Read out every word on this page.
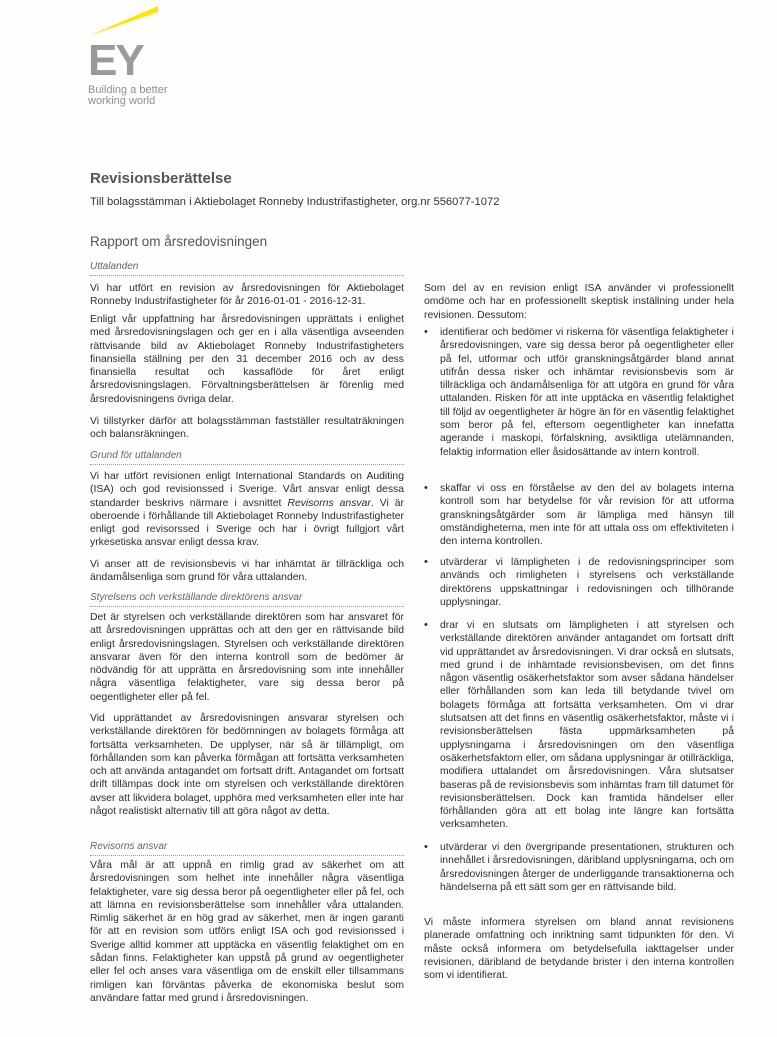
EY
Building a better
working world
Revisionsberättelse
Till bolagsstämman i Aktiebolaget Ronneby Industrifastigheter, org.nr 556077-1072
Rapport om årsredovisningen
Uttalanden

Vi har utfört en revision av årsredovisningen för Aktiebolaget Ronneby Industrifastigheter för år 2016-01-01 - 2016-12-31.

Enligt vår uppfattning har årsredovisningen upprättats i enlighet med årsredovisningslagen och ger en i alla väsentliga avseenden rättvisande bild av Aktiebolaget Ronneby Industrifastigheters finansiella ställning per den 31 december 2016 och av dess finansiella resultat och kassaflöde för året enligt årsredovisningslagen. Förvaltningsberättelsen är förenlig med årsredovisningens övriga delar.

Vi tillstyrker därför att bolagsstämman fastställer resultaträkningen och balansräkningen.

Grund för uttalanden

Vi har utfört revisionen enligt International Standards on Auditing (ISA) och god revisionssed i Sverige. Vårt ansvar enligt dessa standarder beskrivs närmare i avsnittet Revisorns ansvar. Vi är oberoende i förhållande till Aktiebolaget Ronneby Industrifastigheter enligt god revisorssed i Sverige och har i övrigt fullgjort vårt yrkesetiska ansvar enligt dessa krav.

Vi anser att de revisionsbevis vi har inhämtat är tillräckliga och ändamålsenliga som grund för våra uttalanden.

Styrelsens och verkställande direktörens ansvar

Det är styrelsen och verkställande direktören som har ansvaret för att årsredovisningen upprättas och att den ger en rättvisande bild enligt årsredovisningslagen. Styrelsen och verkställande direktören ansvarar även för den interna kontroll som de bedömer är nödvändig för att upprätta en årsredovisning som inte innehåller några väsentliga felaktigheter, vare sig dessa beror på oegentligheter eller på fel.

Vid upprättandet av årsredovisningen ansvarar styrelsen och verkställande direktören för bedömningen av bolagets förmåga att fortsätta verksamheten. De upplyser, när så är tillämpligt, om förhållanden som kan påverka förmågan att fortsätta verksamheten och att använda antagandet om fortsatt drift. Antagandet om fortsatt drift tillämpas dock inte om styrelsen och verkställande direktören avser att likvidera bolaget, upphöra med verksamheten eller inte har något realistiskt alternativ till att göra något av detta.

Revisorns ansvar

Våra mål är att uppnå en rimlig grad av säkerhet om att årsredovisningen som helhet inte innehåller några väsentliga felaktigheter, vare sig dessa beror på oegentligheter eller på fel, och att lämna en revisionsberättelse som innehåller våra uttalanden. Rimlig säkerhet är en hög grad av säkerhet, men är ingen garanti för att en revision som utförs enligt ISA och god revisionssed i Sverige alltid kommer att upptäcka en väsentlig felaktighet om en sådan finns. Felaktigheter kan uppstå på grund av oegentligheter eller fel och anses vara väsentliga om de enskilt eller tillsammans rimligen kan förväntas påverka de ekonomiska beslut som användare fattar med grund i årsredovisningen.

Som del av en revision enligt ISA använder vi professionellt omdöme och har en professionellt skeptisk inställning under hela revisionen. Dessutom:

• identifierar och bedömer vi riskerna för väsentliga felaktigheter i årsredovisningen, vare sig dessa beror på oegentligheter eller på fel, utformar och utför granskningsåtgärder bland annat utifrån dessa risker och inhämtar revisionsbevis som är tillräckliga och ändamålsenliga för att utgöra en grund för våra uttalanden. Risken för att inte upptäcka en väsentlig felaktighet till följd av oegentligheter är högre än för en väsentlig felaktighet som beror på fel, eftersom oegentligheter kan innefatta agerande i maskopi, förfalskning, avsiktliga utelämnanden, felaktig information eller åsidosättande av intern kontroll.
• skaffar vi oss en förståelse av den del av bolagets interna kontroll som har betydelse för vår revision för att utforma granskningsåtgärder som är lämpliga med hänsyn till omständigheterna, men inte för att uttala oss om effektiviteten i den interna kontrollen.
• utvärderar vi lämpligheten i de redovisningsprinciper som används och rimligheten i styrelsens och verkställande direktörens uppskattningar i redovisningen och tillhörande upplysningar.
• drar vi en slutsats om lämpligheten i att styrelsen och verkställande direktören använder antagandet om fortsatt drift vid upprättandet av årsredovisningen. Vi drar också en slutsats, med grund i de inhämtade revisionsbevisen, om det finns någon väsentlig osäkerhetsfaktor som avser sådana händelser eller förhållanden som kan leda till betydande tvivel om bolagets förmåga att fortsätta verksamheten. Om vi drar slutsatsen att det finns en väsentlig osäkerhetsfaktor, måste vi i revisionsberättelsen fästa uppmärksamheten på upplysningarna i årsredovisningen om den väsentliga osäkerhetsfaktorn eller, om sådana upplysningar är otillräckliga, modifiera uttalandet om årsredovisningen. Våra slutsatser baseras på de revisionsbevis som inhämtas fram till datumet för revisionsberättelsen. Dock kan framtida händelser eller förhållanden göra att ett bolag inte längre kan fortsätta verksamheten.
• utvärderar vi den övergripande presentationen, strukturen och innehållet i årsredovisningen, däribland upplysningarna, och om årsredovisningen återger de underliggande transaktionerna och händelserna på ett sätt som ger en rättvisande bild.

Vi måste informera styrelsen om bland annat revisionens planerade omfattning och inriktning samt tidpunkten för den. Vi måste också informera om betydelsefulla iakttagelser under revisionen, däribland de betydande brister i den interna kontrollen som vi identifierat.
